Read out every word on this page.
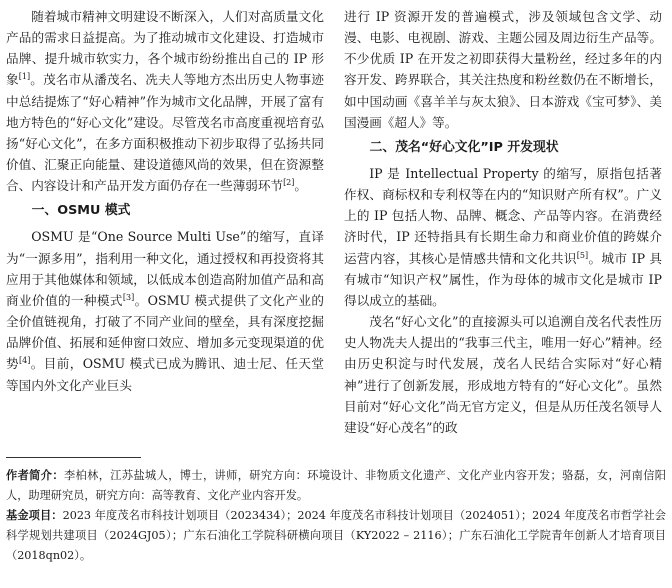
随着城市精神文明建设不断深入，人们对高质量文化产品的需求日益提高。为了推动城市文化建设、打造城市品牌、提升城市软实力，各个城市纷纷推出自己的 IP 形象[1]。茂名市从潘茂名、冼夫人等地方杰出历史人物事迹中总结提炼了“好心精神”作为城市文化品牌，开展了富有地方特色的“好心文化”建设。尽管茂名市高度重视培育弘扬“好心文化”，在多方面积极推动下初步取得了弘扬共同价值、汇聚正向能量、建设道德风尚的效果，但在资源整合、内容设计和产品开发方面仍存在一些薄弱环节[2]。

一、OSMU 模式

OSMU 是“One Source Multi Use”的缩写，直译为“一源多用”，指利用一种文化，通过授权和再投资将其应用于其他媒体和领域，以低成本创造高附加值产品和高商业价值的一种模式[3]。OSMU 模式提供了文化产业的全价值链视角，打破了不同产业间的壁垒，具有深度挖掘品牌价值、拓展和延伸窗口效应、增加多元变现渠道的优势[4]。目前，OSMU 模式已成为腾讯、迪士尼、任天堂等国内外文化产业巨头

进行 IP 资源开发的普遍模式，涉及领域包含文学、动漫、电影、电视剧、游戏、主题公园及周边衍生产品等。不少优质 IP 在开发之初即获得大量粉丝，经过多年的内容开发、跨界联合，其关注热度和粉丝数仍在不断增长，如中国动画《喜羊羊与灰太狼》、日本游戏《宝可梦》、美国漫画《超人》等。

二、茂名“好心文化”IP 开发现状

IP 是 Intellectual Property 的缩写，原指包括著作权、商标权和专利权等在内的“知识财产所有权”。广义上的 IP 包括人物、品牌、概念、产品等内容。在消费经济时代，IP 还特指具有长期生命力和商业价值的跨媒介运营内容，其核心是情感共情和文化共识[5]。城市 IP 具有城市“知识产权”属性，作为母体的城市文化是城市 IP 得以成立的基础。

茂名“好心文化”的直接源头可以追溯自茂名代表性历史人物冼夫人提出的“我事三代主，唯用一好心”精神。经由历史积淀与时代发展，茂名人民结合实际对“好心精神”进行了创新发展，形成地方特有的“好心文化”。虽然目前对“好心文化”尚无官方定义，但是从历任茂名领导人建设“好心茂名”的政

作者简介：李柏林，江苏盐城人，博士，讲师，研究方向：环境设计、非物质文化遗产、文化产业内容开发；骆磊，女，河南信阳人，助理研究员，研究方向：高等教育、文化产业内容开发。

基金项目：2023 年度茂名市科技计划项目（2023434）；2024 年度茂名市科技计划项目（2024051）；2024 年度茂名市哲学社会科学规划共建项目（2024GJ05）；广东石油化工学院科研横向项目（KY2022 – 2116）；广东石油化工学院青年创新人才培育项目（2018qn02）。
